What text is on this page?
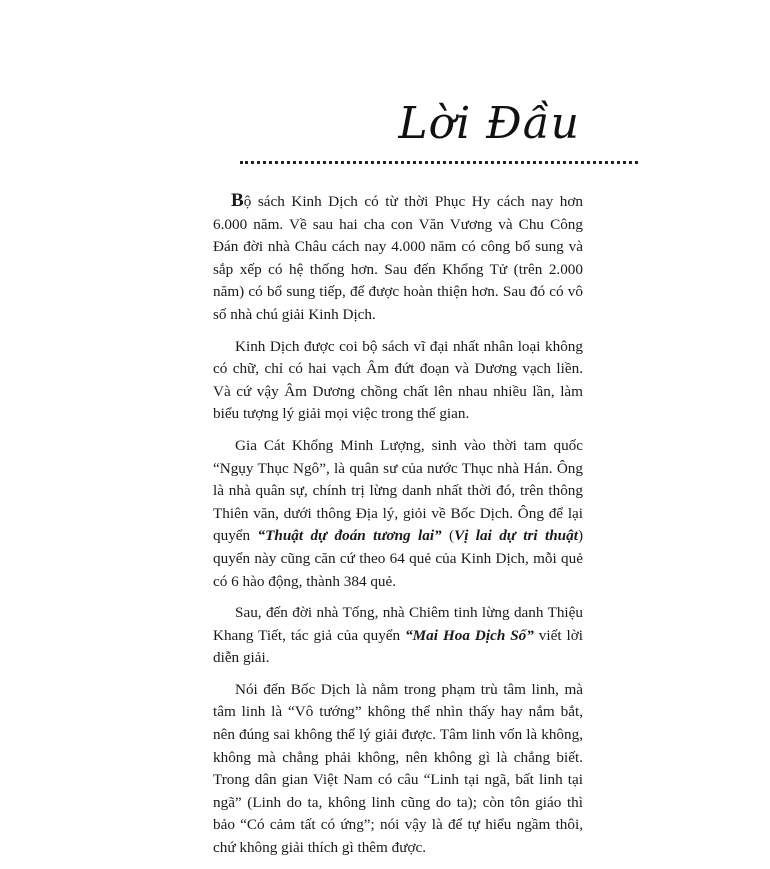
Lời Đầu

Bộ sách Kinh Dịch có từ thời Phục Hy cách nay hơn 6.000 năm. Về sau hai cha con Văn Vương và Chu Công Đán đời nhà Châu cách nay 4.000 năm có công bổ sung và sắp xếp có hệ thống hơn. Sau đến Khổng Tử (trên 2.000 năm) có bổ sung tiếp, để được hoàn thiện hơn. Sau đó có vô số nhà chú giải Kinh Dịch.

Kinh Dịch được coi bộ sách vĩ đại nhất nhân loại không có chữ, chỉ có hai vạch Âm đứt đoạn và Dương vạch liền. Và cứ vậy Âm Dương chồng chất lên nhau nhiều lần, làm biểu tượng lý giải mọi việc trong thế gian.

Gia Cát Khổng Minh Lượng, sinh vào thời tam quốc “Ngụy Thục Ngô”, là quân sư của nước Thục nhà Hán. Ông là nhà quân sự, chính trị lừng danh nhất thời đó, trên thông Thiên văn, dưới thông Địa lý, giỏi về Bốc Dịch. Ông để lại quyển “Thuật dự đoán tương lai” (Vị lai dự tri thuật) quyển này cũng căn cứ theo 64 quẻ của Kinh Dịch, mỗi quẻ có 6 hào động, thành 384 quẻ.

Sau, đến đời nhà Tống, nhà Chiêm tinh lừng danh Thiệu Khang Tiết, tác giả của quyển “Mai Hoa Dịch Số” viết lời diễn giải.

Nói đến Bốc Dịch là nằm trong phạm trù tâm linh, mà tâm linh là “Vô tướng” không thể nhìn thấy hay nắm bắt, nên đúng sai không thể lý giải được. Tâm linh vốn là không, không mà chẳng phải không, nên không gì là chẳng biết. Trong dân gian Việt Nam có câu “Linh tại ngã, bất linh tại ngã” (Linh do ta, không linh cũng do ta); còn tôn giáo thì bảo “Có cảm tất có ứng”; nói vậy là để tự hiểu ngầm thôi, chứ không giải thích gì thêm được.
